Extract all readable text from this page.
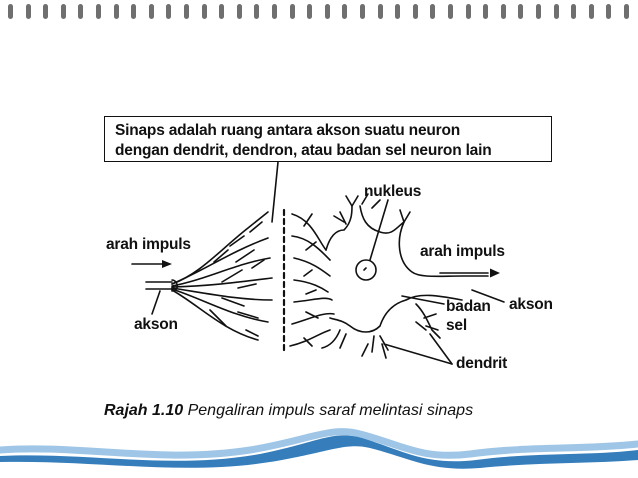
Sinaps adalah ruang antara akson suatu neuron
dengan dendrit, dendron, atau badan sel neuron lain
arah impuls
akson
nukleus
arah impuls
badan
sel
akson
dendrit
Rajah 1.10 Pengaliran impuls saraf melintasi sinaps
